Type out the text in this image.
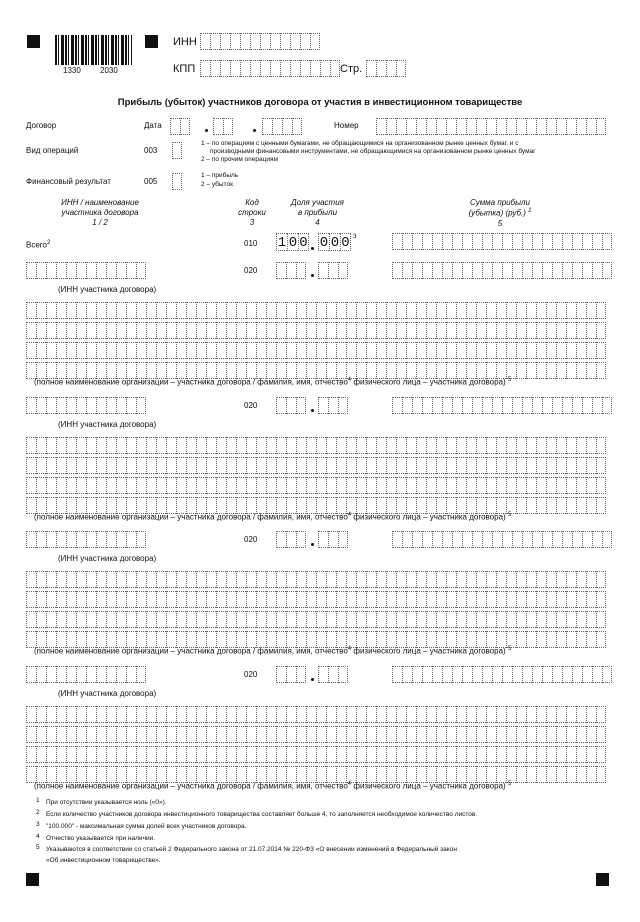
1330 2030
ИНН
КПП	Стр.
Прибыль (убыток) участников договора от участия в инвестиционном товариществе
Договор	Дата	Номер
Вид операций	003
1 – по операциям с ценными бумагами, не обращающимися на организованном рынке ценных бумаг, и с
производными финансовыми инструментами, не обращающимися на организованном рынке ценных бумаг
2 – по прочим операциям
Финансовый результат	005
1 – прибыль
2 – убыток
ИНН / наименование
участника договора
1 / 2
Код
строки
3
Доля участия
в прибыли
4
Сумма прибыли
(убытка) (руб.) $^1$
5
Всего$^2$	010 1 0 0 0 0 0 3
020
(ИНН участника договора)
(полное наименование организации – участника договора / фамилия, имя, отчество$^4$ физического лица – участника договора) $^5$
020
(ИНН участника договора)
(полное наименование организации – участника договора / фамилия, имя, отчество$^4$ физического лица – участника договора) $^5$
020
(ИНН участника договора)
(полное наименование организации – участника договора / фамилия, имя, отчество$^4$ физического лица – участника договора) $^5$
020
(ИНН участника договора)
(полное наименование организации – участника договора / фамилия, имя, отчество$^4$ физического лица – участника договора) $^5$
1 При отсутствии указывается ноль («0»).
2 Если количество участников договора инвестиционного товарищества составляет больше 4, то заполняется необходимое количество листов.
3 "100.000" - максимальная сумма долей всех участников договора.
4 Отчество указывается при наличии.
5 Указываются в соответствии со статьей 2 Федерального закона от 21.07.2014 № 220-ФЗ «О внесении изменений в Федеральный закон
«Об инвестиционном товариществе».
